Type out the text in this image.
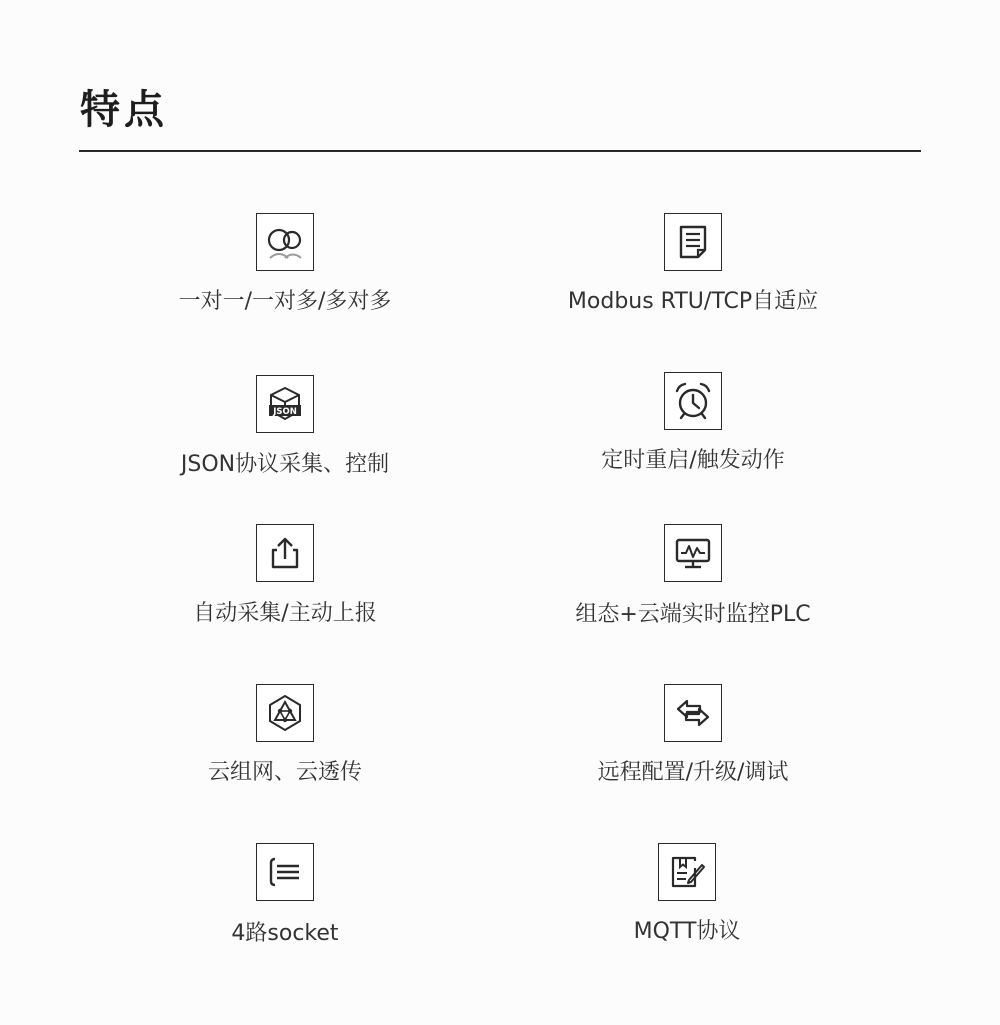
特点
一对一/一对多/多对多	Modbus RTU/TCP自适应
JSON
JSON协议采集、控制	定时重启/触发动作
自动采集/主动上报	组态+云端实时监控PLC
云组网、云透传	远程配置/升级/调试
4路socket	MQTT协议
